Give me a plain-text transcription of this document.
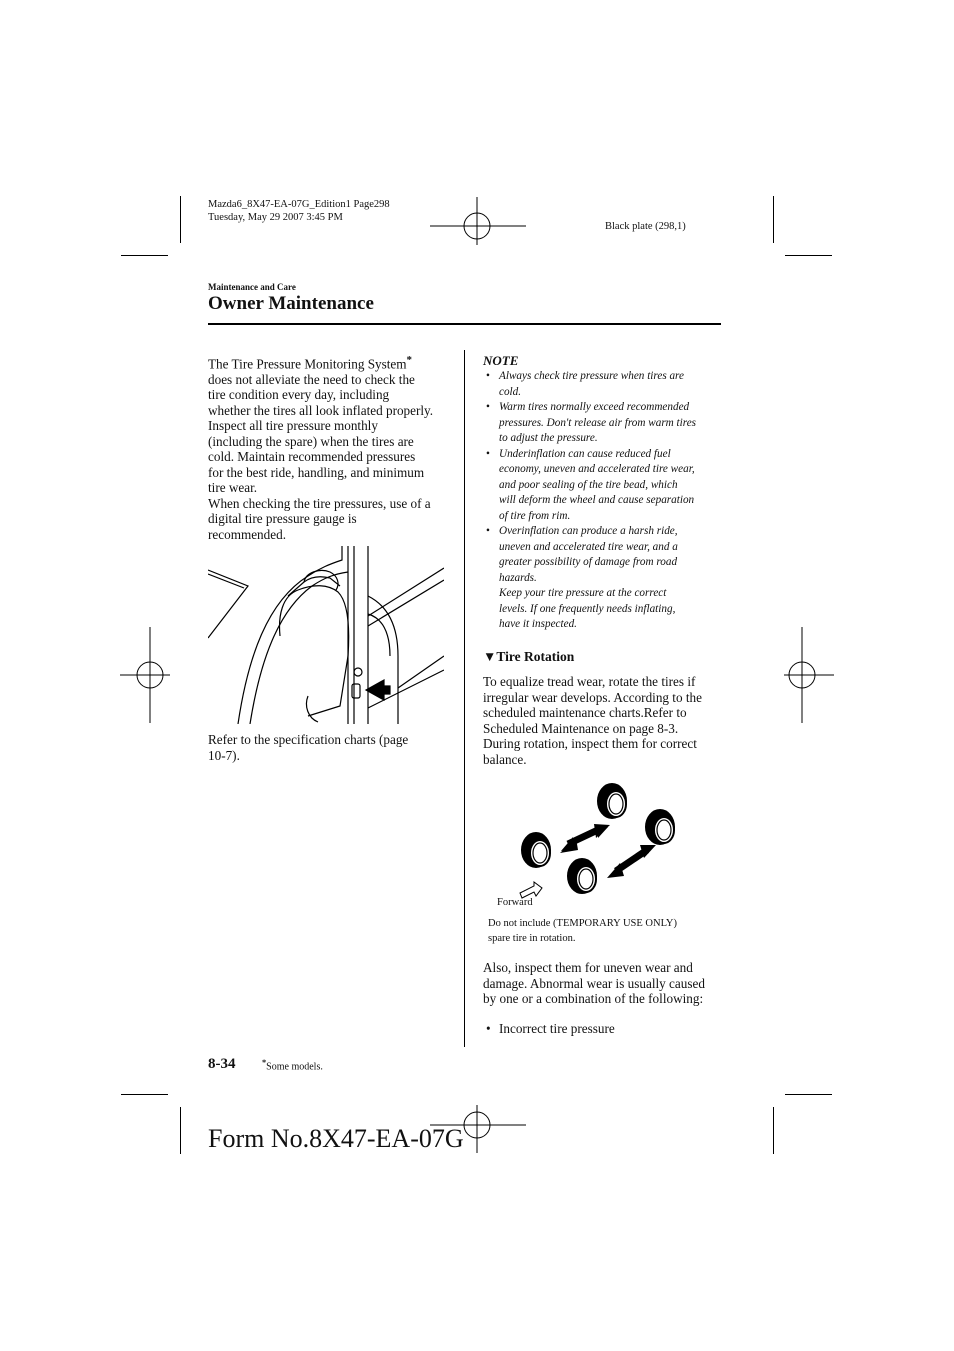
Mazda6_8X47-EA-07G_Edition1 Page298
Tuesday, May 29 2007 3:45 PM
Black plate (298,1)
Maintenance and Care
Owner Maintenance
The Tire Pressure Monitoring System*
does not alleviate the need to check the
tire condition every day, including
whether the tires all look inflated properly.
Inspect all tire pressure monthly
(including the spare) when the tires are
cold. Maintain recommended pressures
for the best ride, handling, and minimum
tire wear.
When checking the tire pressures, use of a
digital tire pressure gauge is
recommended.
Refer to the specification charts (page
10-7).
NOTE
• Always check tire pressure when tires are
cold.
• Warm tires normally exceed recommended
pressures. Don't release air from warm tires
to adjust the pressure.
• Underinflation can cause reduced fuel
economy, uneven and accelerated tire wear,
and poor sealing of the tire bead, which
will deform the wheel and cause separation
of tire from rim.
• Overinflation can produce a harsh ride,
uneven and accelerated tire wear, and a
greater possibility of damage from road
hazards.
Keep your tire pressure at the correct
levels. If one frequently needs inflating,
have it inspected.
▼Tire Rotation
To equalize tread wear, rotate the tires if
irregular wear develops. According to the
scheduled maintenance charts.Refer to
Scheduled Maintenance on page 8-3.
During rotation, inspect them for correct
balance.
Forward
Do not include (TEMPORARY USE ONLY)
spare tire in rotation.
Also, inspect them for uneven wear and
damage. Abnormal wear is usually caused
by one or a combination of the following:
• Incorrect tire pressure
8-34	*Some models.
Form No.8X47-EA-07G
